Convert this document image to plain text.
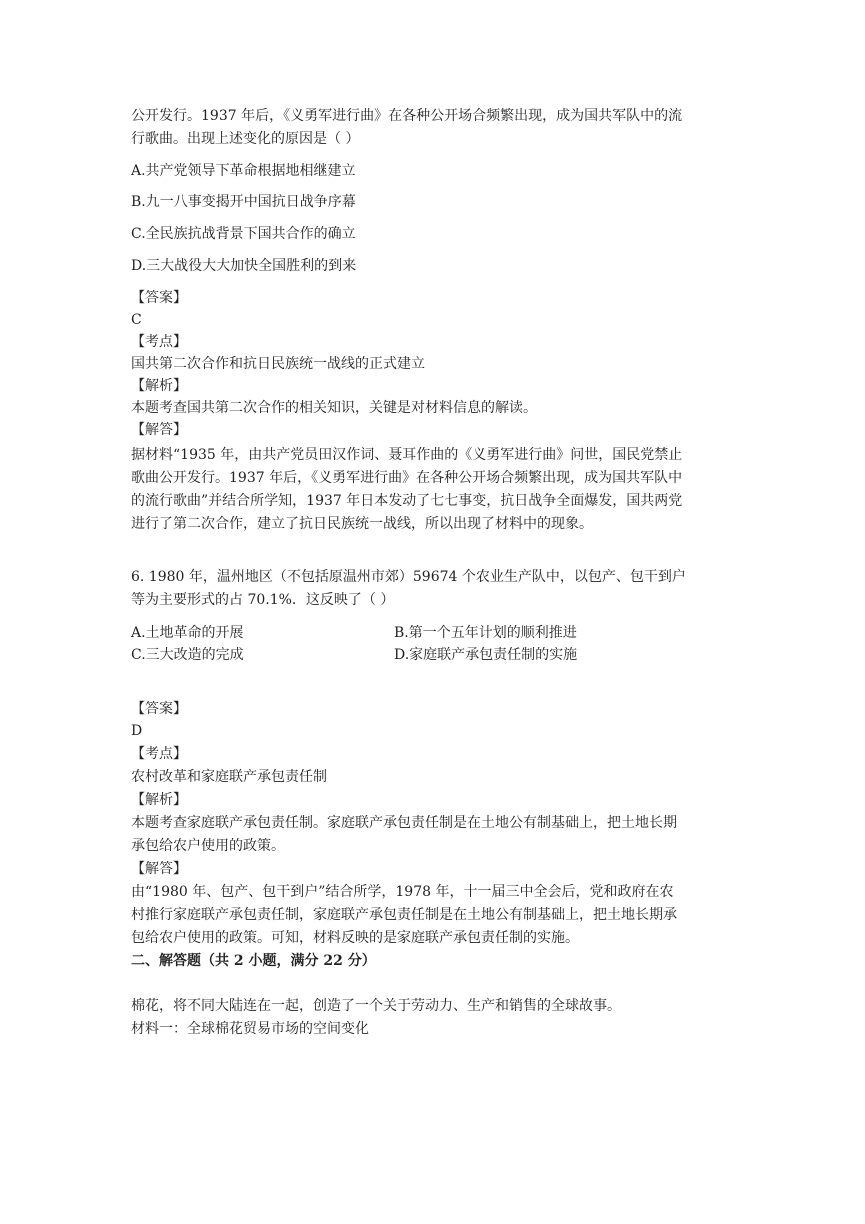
公开发行。1937 年后，《义勇军进行曲》在各种公开场合频繁出现，成为国共军队中的流
行歌曲。出现上述变化的原因是（ ）
A.共产党领导下革命根据地相继建立
B.九一八事变揭开中国抗日战争序幕
C.全民族抗战背景下国共合作的确立
D.三大战役大大加快全国胜利的到来
【答案】
C
【考点】
国共第二次合作和抗日民族统一战线的正式建立
【解析】
本题考查国共第二次合作的相关知识，关键是对材料信息的解读。
【解答】
据材料“1935 年，由共产党员田汉作词、聂耳作曲的《义勇军进行曲》问世，国民党禁止
歌曲公开发行。1937 年后，《义勇军进行曲》在各种公开场合频繁出现，成为国共军队中
的流行歌曲”并结合所学知，1937 年日本发动了七七事变，抗日战争全面爆发，国共两党
进行了第二次合作，建立了抗日民族统一战线，所以出现了材料中的现象。
6. 1980 年，温州地区（不包括原温州市郊）59674 个农业生产队中，以包产、包干到户
等为主要形式的占 70.1%．这反映了（ ）
A.土地革命的开展	B.第一个五年计划的顺利推进
C.三大改造的完成	D.家庭联产承包责任制的实施
【答案】
D
【考点】
农村改革和家庭联产承包责任制
【解析】
本题考查家庭联产承包责任制。家庭联产承包责任制是在土地公有制基础上，把土地长期
承包给农户使用的政策。
【解答】
由“1980 年、包产、包干到户”结合所学，1978 年，十一届三中全会后，党和政府在农
村推行家庭联产承包责任制，家庭联产承包责任制是在土地公有制基础上，把土地长期承
包给农户使用的政策。可知，材料反映的是家庭联产承包责任制的实施。
二、解答题（共 2 小题，满分 22 分）
棉花，将不同大陆连在一起，创造了一个关于劳动力、生产和销售的全球故事。
材料一：全球棉花贸易市场的空间变化
